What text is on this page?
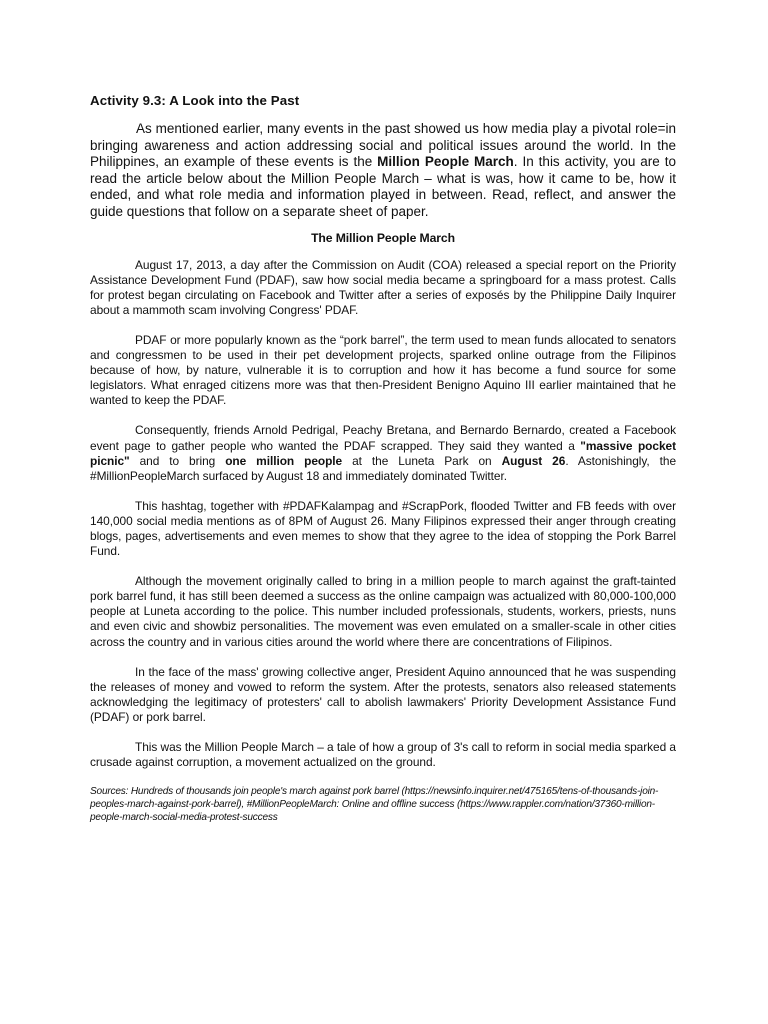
Activity 9.3: A Look into the Past

As mentioned earlier, many events in the past showed us how media play a pivotal role=in bringing awareness and action addressing social and political issues around the world. In the Philippines, an example of these events is the Million People March. In this activity, you are to read the article below about the Million People March – what is was, how it came to be, how it ended, and what role media and information played in between. Read, reflect, and answer the guide questions that follow on a separate sheet of paper.

The Million People March

August 17, 2013, a day after the Commission on Audit (COA) released a special report on the Priority Assistance Development Fund (PDAF), saw how social media became a springboard for a mass protest. Calls for protest began circulating on Facebook and Twitter after a series of exposés by the Philippine Daily Inquirer about a mammoth scam involving Congress' PDAF.

PDAF or more popularly known as the “pork barrel”, the term used to mean funds allocated to senators and congressmen to be used in their pet development projects, sparked online outrage from the Filipinos because of how, by nature, vulnerable it is to corruption and how it has become a fund source for some legislators. What enraged citizens more was that then-President Benigno Aquino III earlier maintained that he wanted to keep the PDAF.

Consequently, friends Arnold Pedrigal, Peachy Bretana, and Bernardo Bernardo, created a Facebook event page to gather people who wanted the PDAF scrapped. They said they wanted a "massive pocket picnic" and to bring one million people at the Luneta Park on August 26. Astonishingly, the #MillionPeopleMarch surfaced by August 18 and immediately dominated Twitter.

This hashtag, together with #PDAFKalampag and #ScrapPork, flooded Twitter and FB feeds with over 140,000 social media mentions as of 8PM of August 26. Many Filipinos expressed their anger through creating blogs, pages, advertisements and even memes to show that they agree to the idea of stopping the Pork Barrel Fund.

Although the movement originally called to bring in a million people to march against the graft-tainted pork barrel fund, it has still been deemed a success as the online campaign was actualized with 80,000-100,000 people at Luneta according to the police. This number included professionals, students, workers, priests, nuns and even civic and showbiz personalities. The movement was even emulated on a smaller-scale in other cities across the country and in various cities around the world where there are concentrations of Filipinos.

In the face of the mass' growing collective anger, President Aquino announced that he was suspending the releases of money and vowed to reform the system. After the protests, senators also released statements acknowledging the legitimacy of protesters' call to abolish lawmakers' Priority Development Assistance Fund (PDAF) or pork barrel.

This was the Million People March – a tale of how a group of 3's call to reform in social media sparked a crusade against corruption, a movement actualized on the ground.

Sources: Hundreds of thousands join people's march against pork barrel (https://newsinfo.inquirer.net/475165/tens-of-thousands-join-peoples-march-against-pork-barrel), #MillionPeopleMarch: Online and offline success (https://www.rappler.com/nation/37360-million-people-march-social-media-protest-success
